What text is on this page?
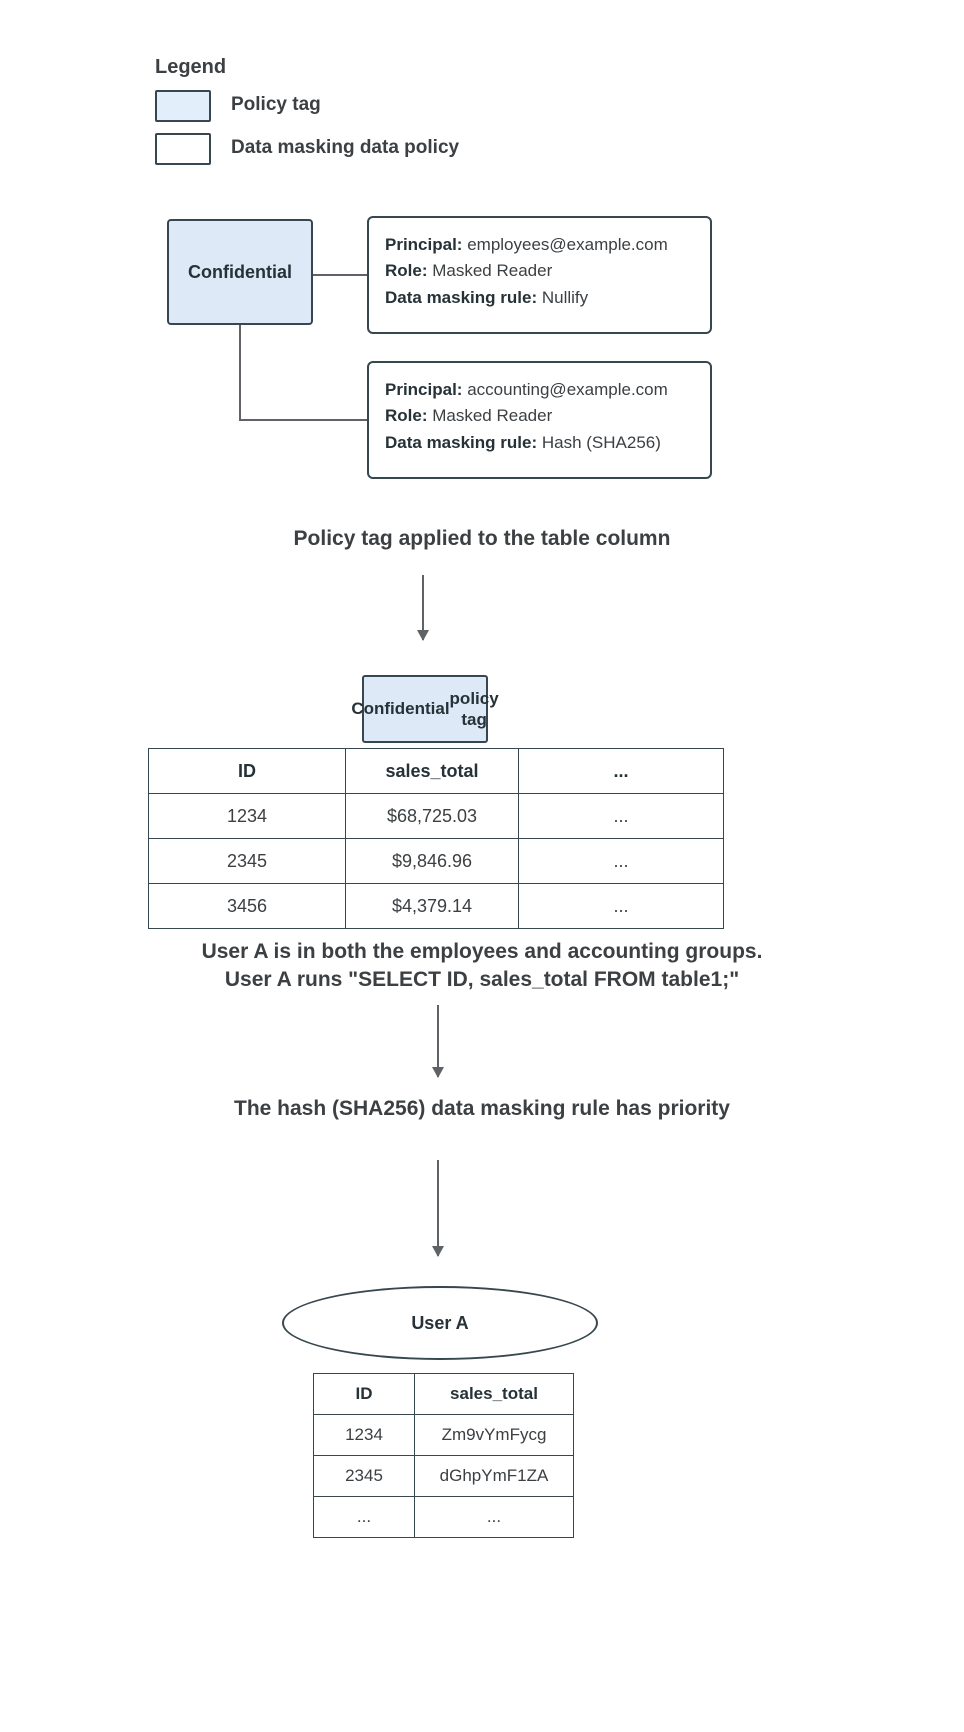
Legend
Policy tag
Data masking data policy
Confidential
Principal: employees@example.com
Role: Masked Reader
Data masking rule: Nullify
Principal: accounting@example.com
Role: Masked Reader
Data masking rule: Hash (SHA256)
Policy tag applied to the table column
Confidential

policy tag
ID	sales_total	...
1234	$68,725.03	...
2345	$9,846.96	...
3456	$4,379.14	...
User A is in both the employees and accounting groups.
User A runs "SELECT ID, sales_total FROM table1;"
The hash (SHA256) data masking rule has priority
User A
ID	sales_total
1234	Zm9vYmFycg
2345	dGhpYmF1ZA
...	...
